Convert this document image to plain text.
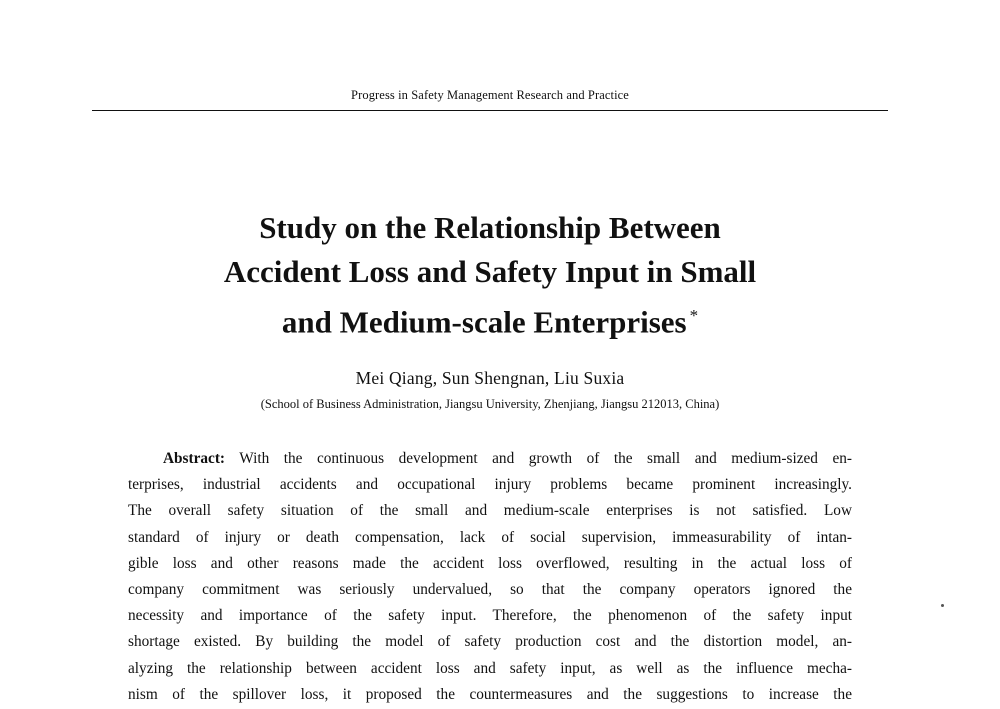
Progress in Safety Management Research and Practice
Study on the Relationship Between
Accident Loss and Safety Input in Small
and Medium-scale Enterprises *
Mei Qiang, Sun Shengnan, Liu Suxia
(School of Business Administration, Jiangsu University, Zhenjiang, Jiangsu 212013, China)
Abstract: With the continuous development and growth of the small and medium-sized en-
terprises, industrial accidents and occupational injury problems became prominent increasingly.
The overall safety situation of the small and medium-scale enterprises is not satisfied. Low
standard of injury or death compensation, lack of social supervision, immeasurability of intan-
gible loss and other reasons made the accident loss overflowed, resulting in the actual loss of
company commitment was seriously undervalued, so that the company operators ignored the
necessity and importance of the safety input. Therefore, the phenomenon of the safety input
shortage existed. By building the model of safety production cost and the distortion model, an-
alyzing the relationship between accident loss and safety input, as well as the influence mecha-
nism of the spillover loss, it proposed the countermeasures and the suggestions to increase the
